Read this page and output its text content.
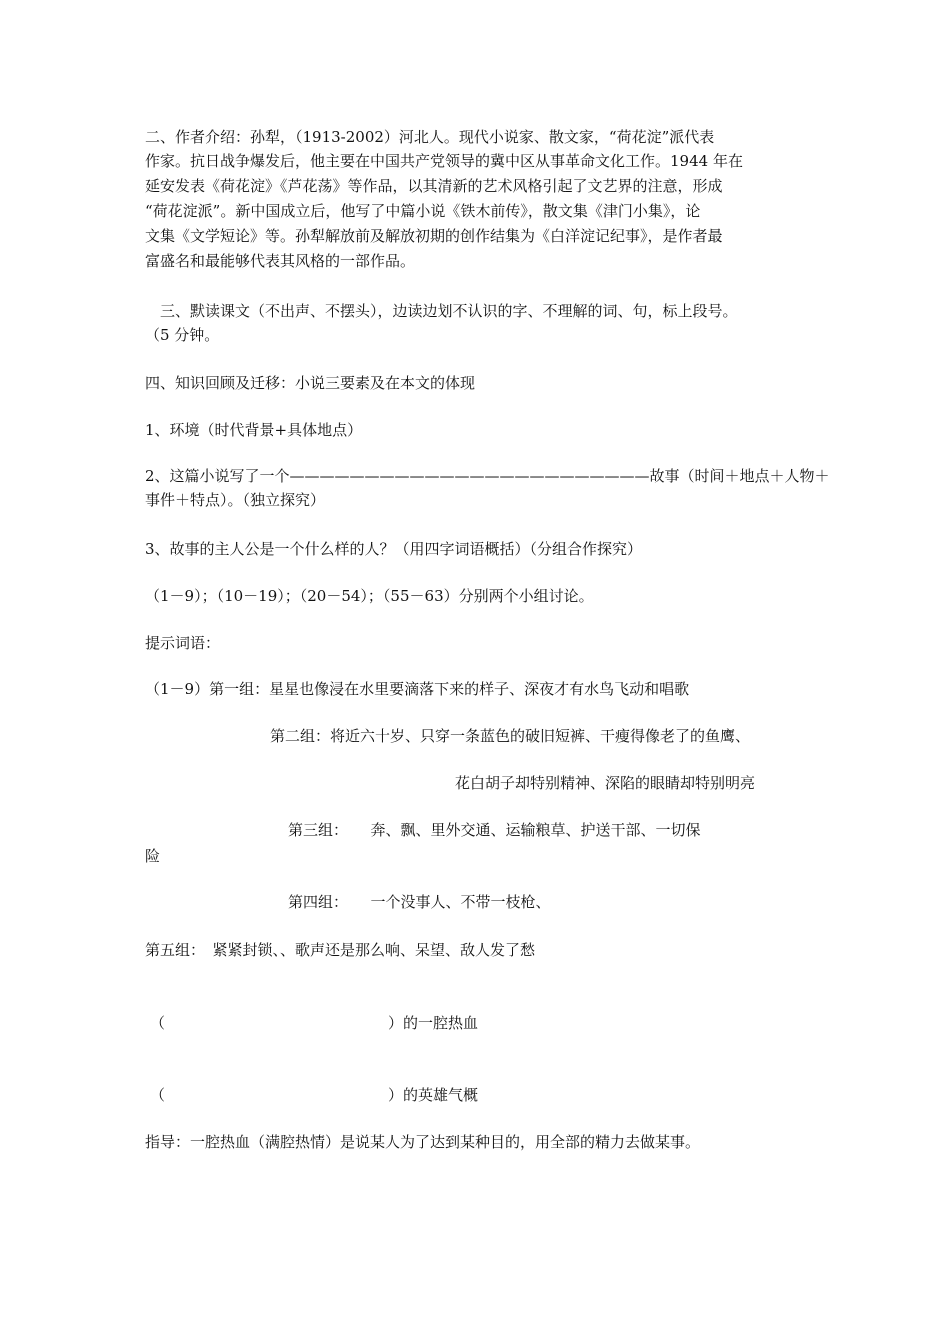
二、作者介绍：孙犁，（1913-2002）河北人。现代小说家、散文家，“荷花淀”派代表
作家。抗日战争爆发后，他主要在中国共产党领导的冀中区从事革命文化工作。1944 年在
延安发表《荷花淀》《芦花荡》等作品，以其清新的艺术风格引起了文艺界的注意，形成
“荷花淀派”。新中国成立后，他写了中篇小说《铁木前传》，散文集《津门小集》，论
文集《文学短论》等。孙犁解放前及解放初期的创作结集为《白洋淀记纪事》，是作者最
富盛名和最能够代表其风格的一部作品。
三、默读课文（不出声、不摆头），边读边划不认识的字、不理解的词、句，标上段号。
（5 分钟。
四、知识回顾及迁移：小说三要素及在本文的体现
1、环境（时代背景+具体地点）
2、这篇小说写了一个————————————————————————故事（时间＋地点＋人物＋
事件＋特点）。（独立探究）
3、故事的主人公是一个什么样的人？（用四字词语概括）（分组合作探究）
（1－9）；（10－19）；（20－54）；（55－63）分别两个小组讨论。
提示词语：
（1－9）第一组：星星也像浸在水里要滴落下来的样子、深夜才有水鸟飞动和唱歌
第二组：将近六十岁、只穿一条蓝色的破旧短裤、干瘦得像老了的鱼鹰、
花白胡子却特别精神、深陷的眼睛却特别明亮
第三组：　　奔、飘、里外交通、运输粮草、护送干部、一切保
险
第四组：　　一个没事人、不带一枝枪、
第五组：　紧紧封锁、、歌声还是那么响、呆望、敌人发了愁
（	）的一腔热血
（	）的英雄气概
指导：一腔热血（满腔热情）是说某人为了达到某种目的，用全部的精力去做某事。
